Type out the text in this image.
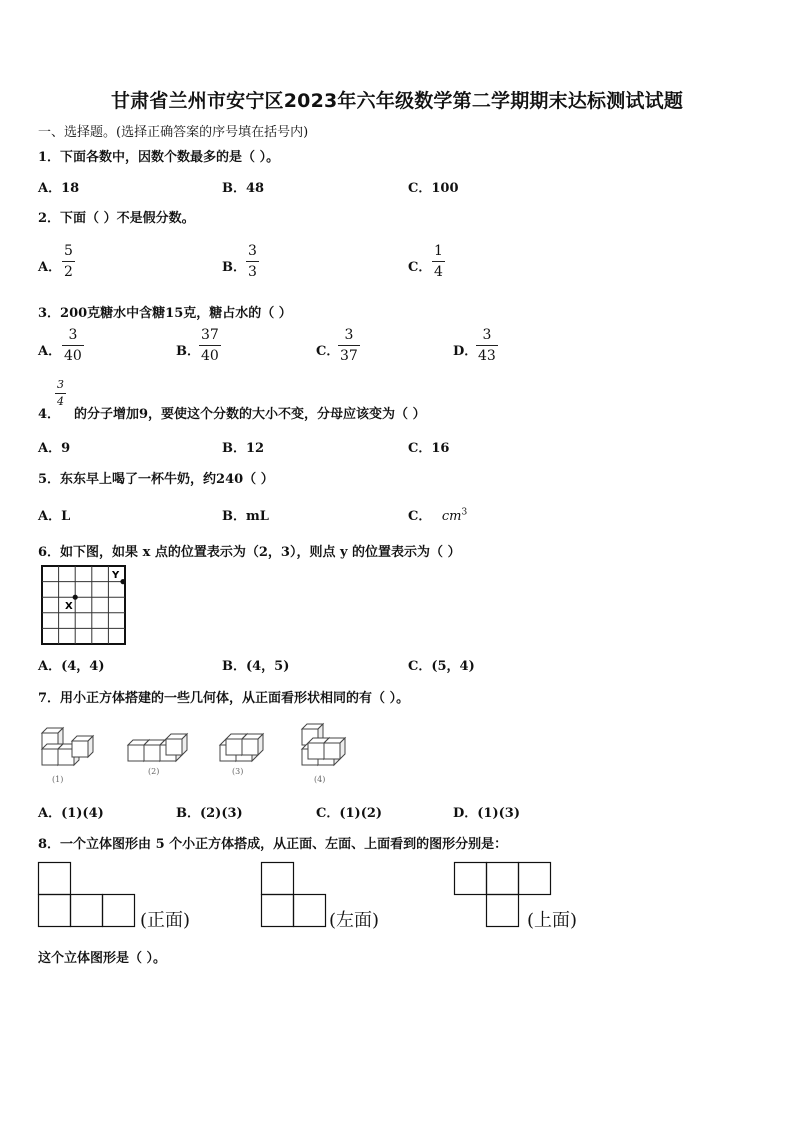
甘肃省兰州市安宁区2023年六年级数学第二学期期末达标测试试题
一、选择题。(选择正确答案的序号填在括号内)
1．下面各数中，因数个数最多的是（ ）。
A．18	B．48	C．100
2．下面（ ）不是假分数。
A．
5
2	B．
3
3	C．
1
4
3．200克糖水中含糖15克，糖占水的（ ）
A．
3
40	B．
37
40	C．
3
37	D．
3
43
4．
3
4
的分子增加9，要使这个分数的大小不变，分母应该变为（ ）
A．9	B．12	C．16
5．东东早上喝了一杯牛奶，约240（ ）
A．L	B．mL	C． $cm^3$
6．如下图，如果 x 点的位置表示为（2，3），则点 y 的位置表示为（ ）
X
Y
A．(4，4)	B．(4，5)	C．(5，4)
7．用小正方体搭建的一些几何体，从正面看形状相同的有（ ）。
(1)
(2)	(3)
(4)
A．(1)(4)	B．(2)(3)	C．(1)(2)	D．(1)(3)
8．一个立体图形由 5 个小正方体搭成，从正面、左面、上面看到的图形分别是：
(正面)	(左面)	(上面)
这个立体图形是（ ）。
